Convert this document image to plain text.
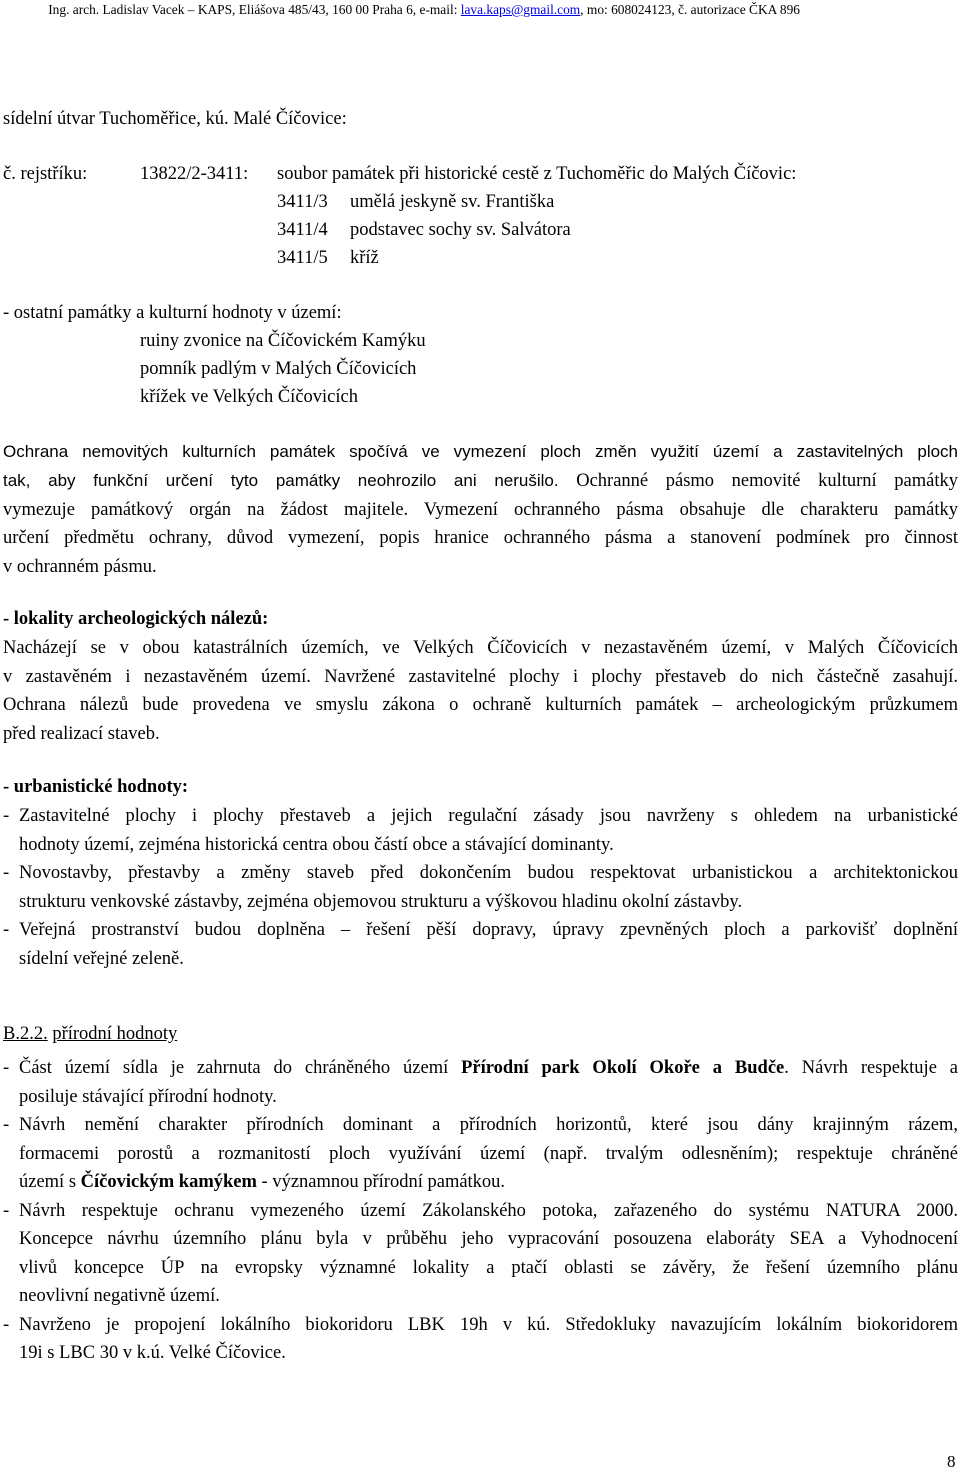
Ing. arch. Ladislav Vacek – KAPS, Eliášova 485/43, 160 00 Praha 6, e-mail: lava.kaps@gmail.com, mo: 608024123, č. autorizace ČKA 896
sídelní útvar Tuchoměřice, kú. Malé Číčovice:
č. rejstříku:	13822/2-3411: soubor památek při historické cestě z Tuchoměřic do Malých Číčovic:
3411/3 umělá jeskyně sv. Františka
3411/4 podstavec sochy sv. Salvátora
3411/5 kříž
- ostatní památky a kulturní hodnoty v území:
ruiny zvonice na Číčovickém Kamýku
pomník padlým v Malých Číčovicích
křížek ve Velkých Číčovicích
Ochrana nemovitých kulturních památek spočívá ve vymezení ploch změn využití území a zastavitelných ploch
tak, aby funkční určení tyto památky neohrozilo ani nerušilo. Ochranné pásmo nemovité kulturní památky
vymezuje památkový orgán na žádost majitele. Vymezení ochranného pásma obsahuje dle charakteru památky
určení předmětu ochrany, důvod vymezení, popis hranice ochranného pásma a stanovení podmínek pro činnost
v ochranném pásmu.
- lokality archeologických nálezů:
Nacházejí se v obou katastrálních územích, ve Velkých Číčovicích v nezastavěném území, v Malých Číčovicích
v zastavěném i nezastavěném území. Navržené zastavitelné plochy i plochy přestaveb do nich částečně zasahují.
Ochrana nálezů bude provedena ve smyslu zákona o ochraně kulturních památek – archeologickým průzkumem
před realizací staveb.
- urbanistické hodnoty:
- Zastavitelné plochy i plochy přestaveb a jejich regulační zásady jsou navrženy s ohledem na urbanistické
hodnoty území, zejména historická centra obou částí obce a stávající dominanty.
- Novostavby, přestavby a změny staveb před dokončením budou respektovat urbanistickou a architektonickou
strukturu venkovské zástavby, zejména objemovou strukturu a výškovou hladinu okolní zástavby.
- Veřejná prostranství budou doplněna – řešení pěší dopravy, úpravy zpevněných ploch a parkovišť doplnění
sídelní veřejné zeleně.
B.2.2. přírodní hodnoty
- Část území sídla je zahrnuta do chráněného území Přírodní park Okolí Okoře a Budče. Návrh respektuje a
posiluje stávající přírodní hodnoty.
- Návrh nemění charakter přírodních dominant a přírodních horizontů, které jsou dány krajinným rázem,
formacemi porostů a rozmanitostí ploch využívání území (např. trvalým odlesněním); respektuje chráněné
území s Číčovickým kamýkem - významnou přírodní památkou.
- Návrh respektuje ochranu vymezeného území Zákolanského potoka, zařazeného do systému NATURA 2000.
Koncepce návrhu územního plánu byla v průběhu jeho vypracování posouzena elaboráty SEA a Vyhodnocení
vlivů koncepce ÚP na evropsky významné lokality a ptačí oblasti se závěry, že řešení územního plánu
neovlivní negativně území.
- Navrženo je propojení lokálního biokoridoru LBK 19h v kú. Středokluky navazujícím lokálním biokoridorem
19i s LBC 30 v k.ú. Velké Číčovice.
8
